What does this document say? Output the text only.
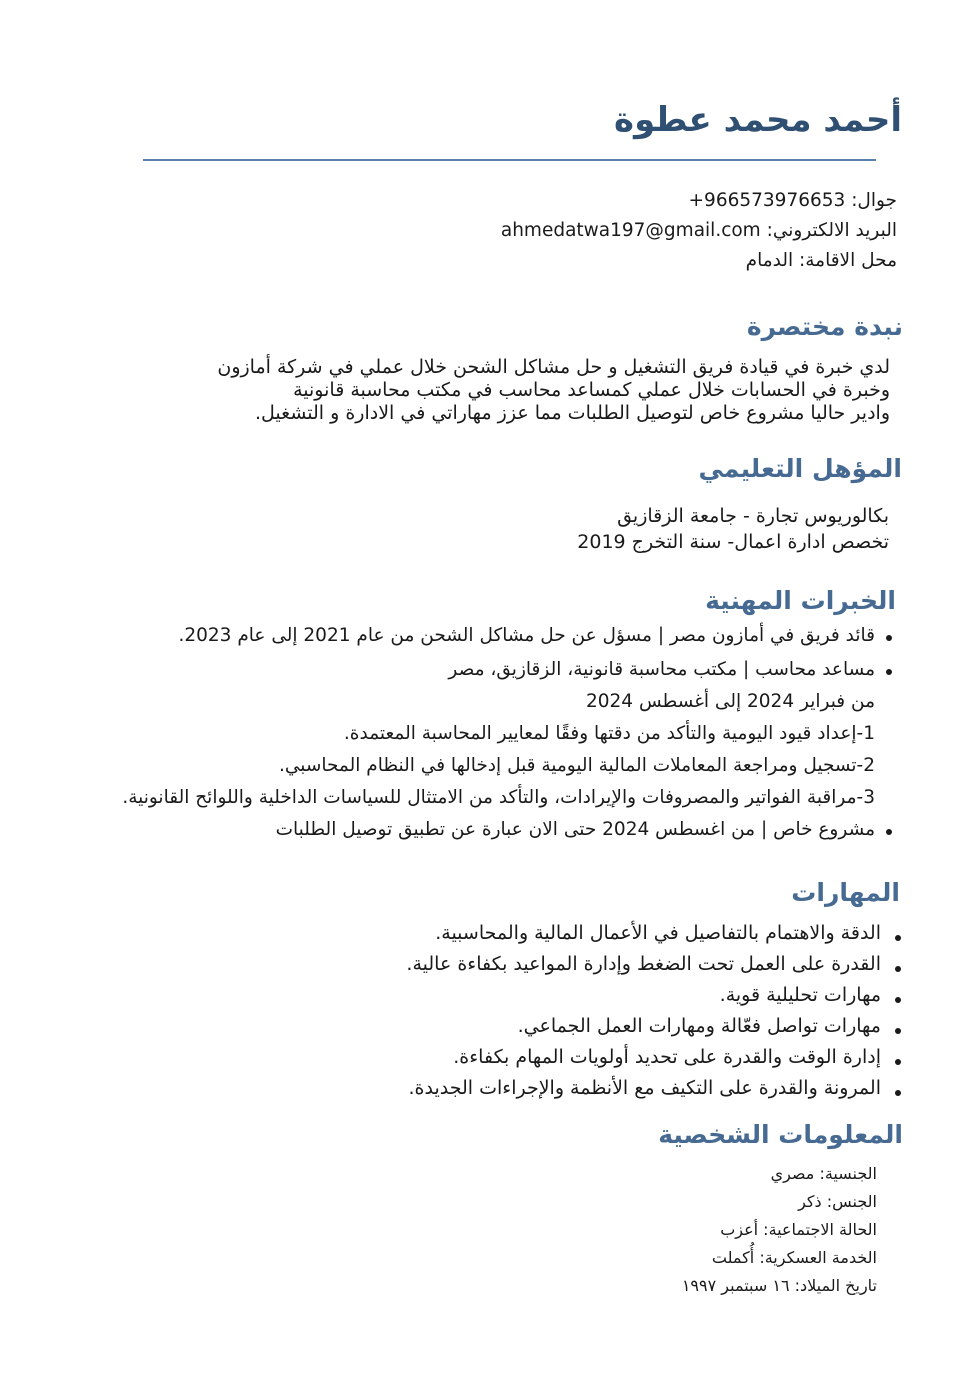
أحمد محمد عطوة
جوال: +966573976653
البريد الالكتروني: ahmedatwa197@gmail.com
محل الاقامة: الدمام
نبدة مختصرة
لدي خبرة في قيادة فريق التشغيل و حل مشاكل الشحن خلال عملي في شركة أمازون
وخبرة في الحسابات خلال عملي كمساعد محاسب في مكتب محاسبة قانونية
وادير حاليا مشروع خاص لتوصيل الطلبات مما عزز مهاراتي في الادارة و التشغيل.
المؤهل التعليمي
بكالوريوس تجارة - جامعة الزقازيق
تخصص ادارة اعمال- سنة التخرج 2019
الخبرات المهنية
قائد فريق في أمازون مصر | مسؤل عن حل مشاكل الشحن من عام 2021 إلى عام 2023.
مساعد محاسب | مكتب محاسبة قانونية، الزقازيق، مصر
من فبراير 2024 إلى أغسطس 2024
1-إعداد قيود اليومية والتأكد من دقتها وفقًا لمعايير المحاسبة المعتمدة.
2-تسجيل ومراجعة المعاملات المالية اليومية قبل إدخالها في النظام المحاسبي.
3-مراقبة الفواتير والمصروفات والإيرادات، والتأكد من الامتثال للسياسات الداخلية واللوائح القانونية.
مشروع خاص | من اغسطس 2024 حتى الان عبارة عن تطبيق توصيل الطلبات
المهارات
الدقة والاهتمام بالتفاصيل في الأعمال المالية والمحاسبية.
القدرة على العمل تحت الضغط وإدارة المواعيد بكفاءة عالية.
مهارات تحليلية قوية.
مهارات تواصل فعّالة ومهارات العمل الجماعي.
إدارة الوقت والقدرة على تحديد أولويات المهام بكفاءة.
المرونة والقدرة على التكيف مع الأنظمة والإجراءات الجديدة.
المعلومات الشخصية
الجنسية: مصري
الجنس: ذكر
الحالة الاجتماعية: أعزب
الخدمة العسكرية: أُكملت
تاريخ الميلاد: ١٦ سبتمبر ١٩٩٧
